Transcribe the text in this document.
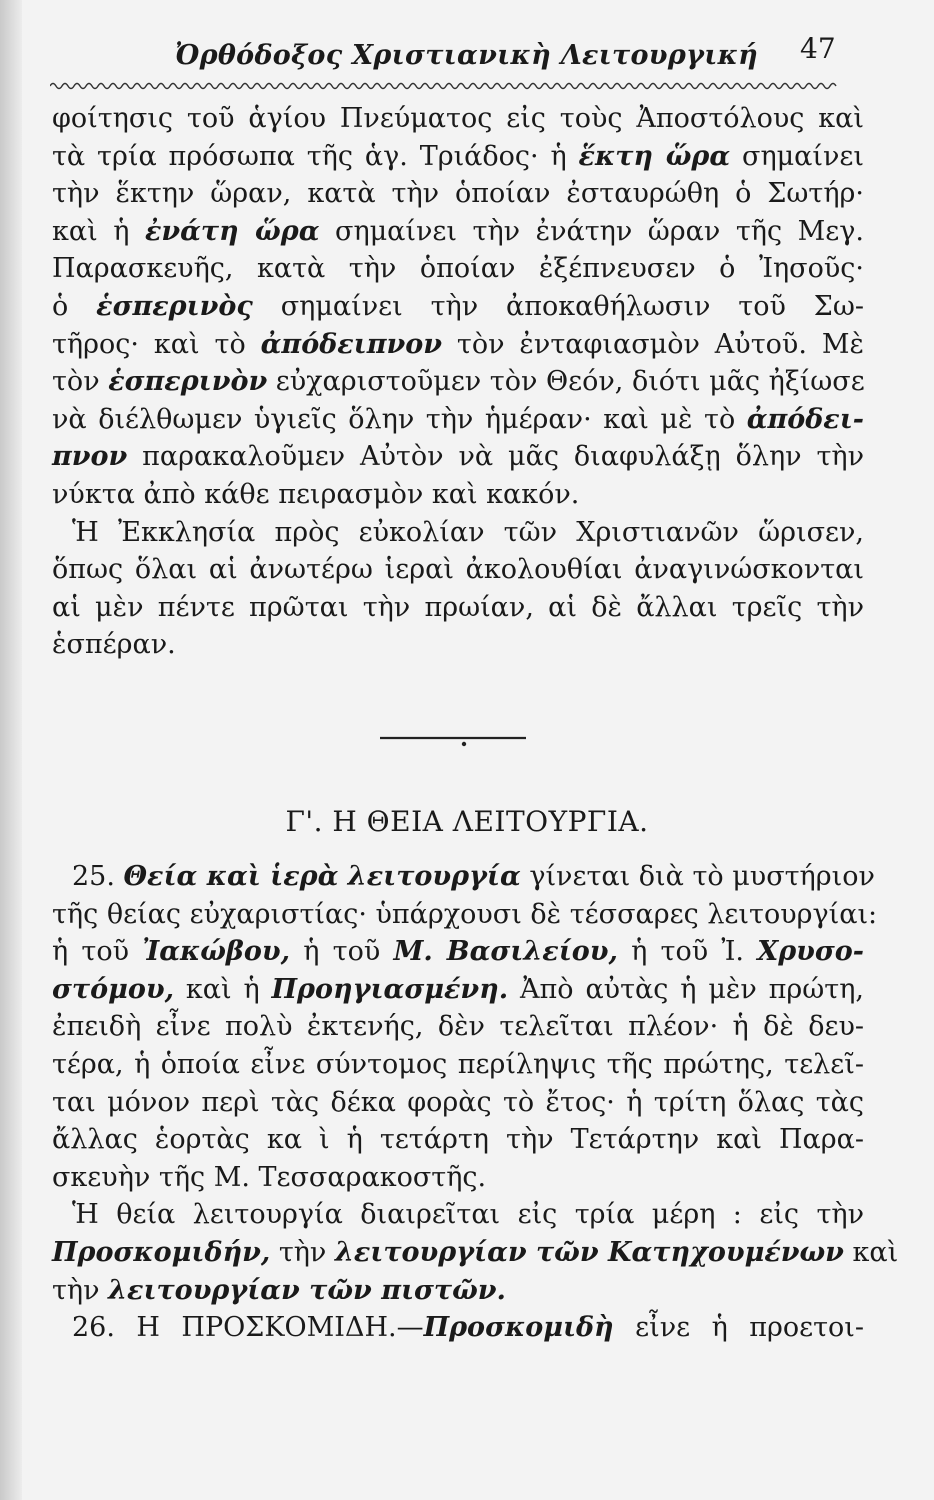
Ὀρθόδοξος Χριστιανικὴ Λειτουργική 47
φοίτησις τοῦ ἁγίου Πνεύματος εἰς τοὺς Ἀποστόλους καὶ
τὰ τρία πρόσωπα τῆς ἁγ. Τριάδος· ἡ ἕκτη ὥρα σημαίνει
τὴν ἕκτην ὥραν, κατὰ τὴν ὁποίαν ἐσταυρώθη ὁ Σωτήρ·
καὶ ἡ ἐνάτη ὥρα σημαίνει τὴν ἐνάτην ὥραν τῆς Μεγ.
Παρασκευῆς, κατὰ τὴν ὁποίαν ἐξέπνευσεν ὁ Ἰησοῦς·
ὁ ἑσπερινὸς σημαίνει τὴν ἀποκαθήλωσιν τοῦ Σω-
τῆρος· καὶ τὸ ἀπόδειπνον τὸν ἐνταφιασμὸν Αὐτοῦ. Μὲ
τὸν ἑσπερινὸν εὐχαριστοῦμεν τὸν Θεόν, διότι μᾶς ἠξίωσε
νὰ διέλθωμεν ὑγιεῖς ὅλην τὴν ἡμέραν· καὶ μὲ τὸ ἀπόδει-
πνον παρακαλοῦμεν Αὐτὸν νὰ μᾶς διαφυλάξῃ ὅλην τὴν
νύκτα ἀπὸ κάθε πειρασμὸν καὶ κακόν.
Ἡ Ἐκκλησία πρὸς εὐκολίαν τῶν Χριστιανῶν ὥρισεν,
ὅπως ὅλαι αἱ ἀνωτέρω ἱεραὶ ἀκολουθίαι ἀναγινώσκονται
αἱ μὲν πέντε πρῶται τὴν πρωίαν, αἱ δὲ ἄλλαι τρεῖς τὴν
ἑσπέραν.
Γ'. Η ΘΕΙΑ ΛΕΙΤΟΥΡΓΙΑ.
25. Θεία καὶ ἱερὰ λειτουργία γίνεται διὰ τὸ μυστήριον
τῆς θείας εὐχαριστίας· ὑπάρχουσι δὲ τέσσαρες λειτουργίαι:
ἡ τοῦ Ἰακώβου, ἡ τοῦ Μ. Βασιλείου, ἡ τοῦ Ἰ. Χρυσο-
στόμου, καὶ ἡ Προηγιασμένη. Ἀπὸ αὐτὰς ἡ μὲν πρώτη,
ἐπειδὴ εἶνε πολὺ ἐκτενής, δὲν τελεῖται πλέον· ἡ δὲ δευ-
τέρα, ἡ ὁποία εἶνε σύντομος περίληψις τῆς πρώτης, τελεῖ-
ται μόνον περὶ τὰς δέκα φορὰς τὸ ἔτος· ἡ τρίτη ὅλας τὰς
ἄλλας ἑορτὰς κα ὶ ἡ τετάρτη τὴν Τετάρτην καὶ Παρα-
σκευὴν τῆς Μ. Τεσσαρακοστῆς.
Ἡ θεία λειτουργία διαιρεῖται εἰς τρία μέρη : εἰς τὴν
Προσκομιδήν, τὴν λειτουργίαν τῶν Κατηχουμένων καὶ
τὴν λειτουργίαν τῶν πιστῶν.
26. Η ΠΡΟΣΚΟΜΙΔΗ.—Προσκομιδὴ εἶνε ἡ προετοι-
